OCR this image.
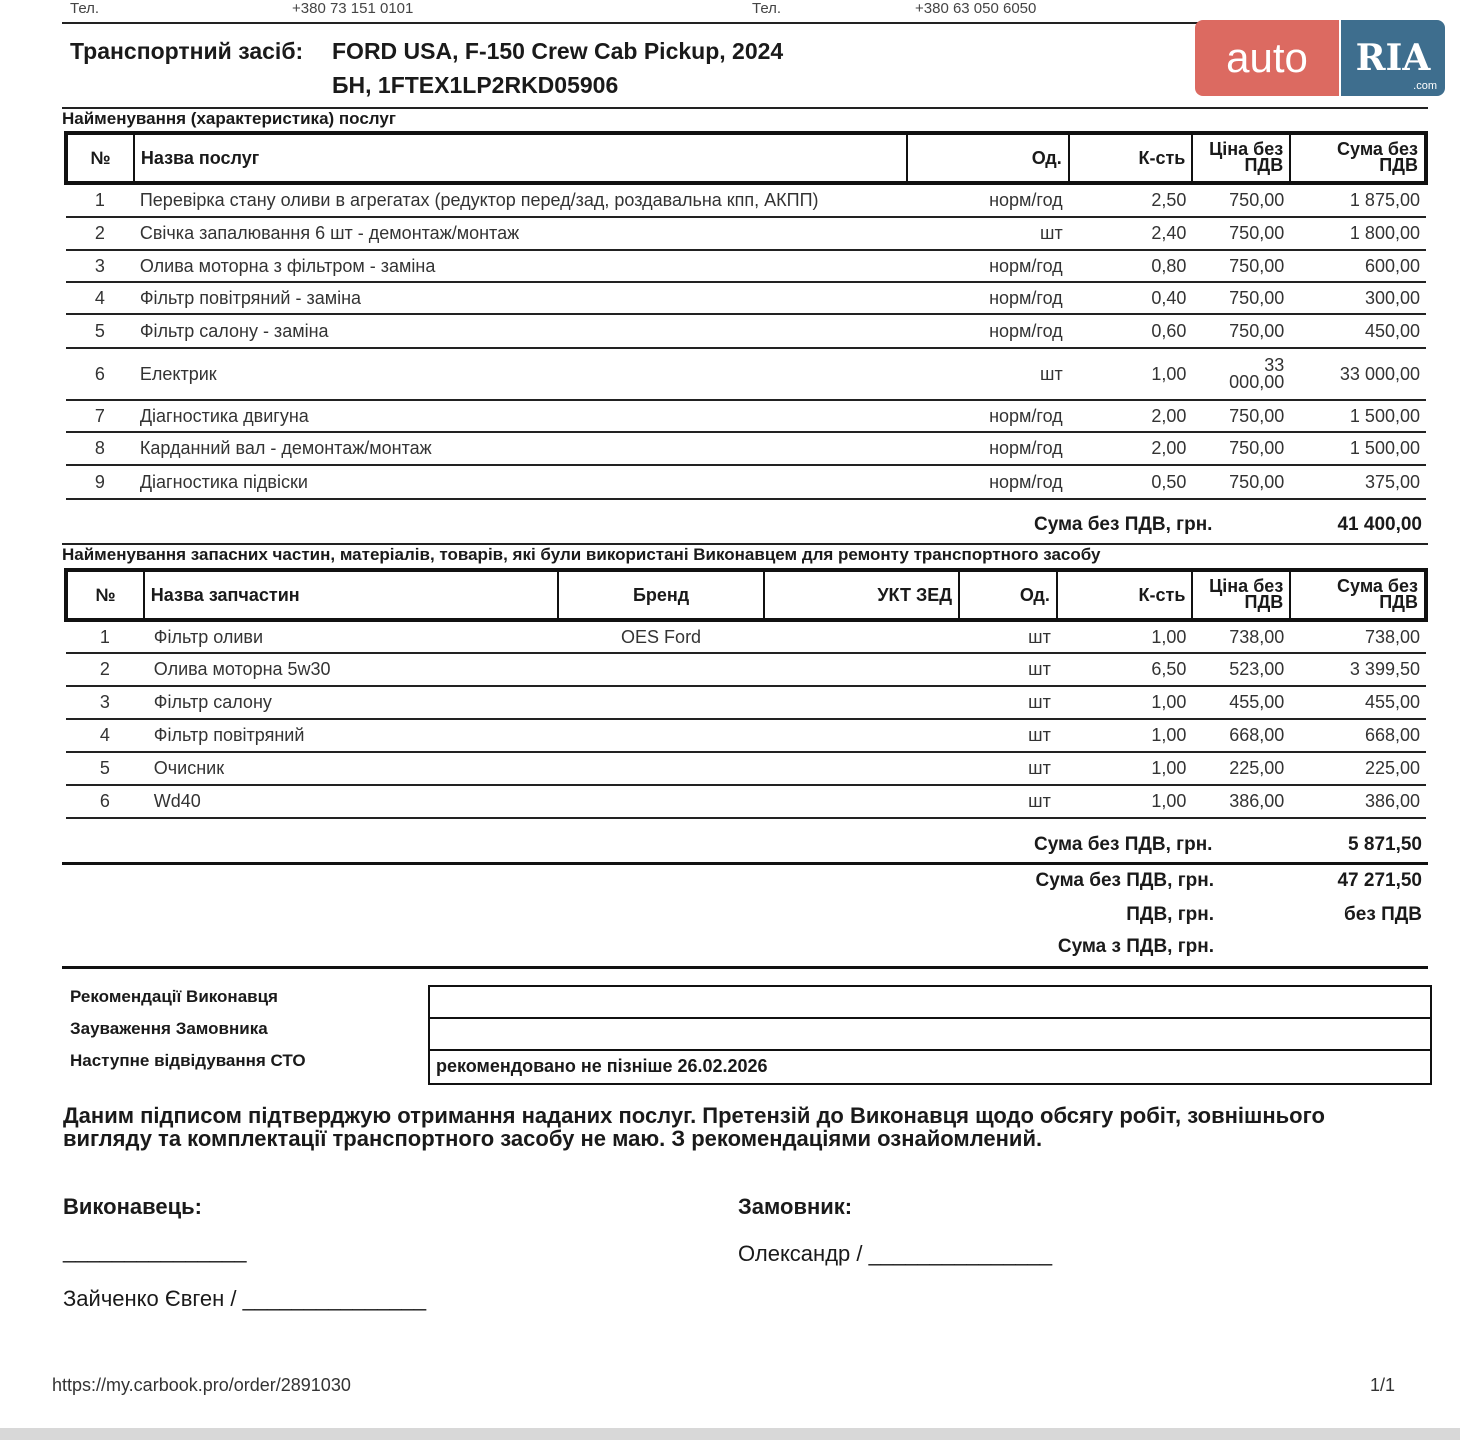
Тел.	+380 73 151 0101	Тел.	+380 63 050 6050
Транспортний засіб: FORD USA, F-150 Crew Cab Pickup, 2024
БН, 1FTEX1LP2RKD05906
auto	RIA
.com
Найменування (характеристика) послуг
№	Назва послуг	Од.	К-сть	Ціна без ПДВ	Сума без ПДВ
1	Перевірка стану оливи в агрегатах (редуктор перед/зад, роздавальна кпп, АКПП)	норм/год	2,50	750,00	1 875,00
2	Свічка запалювання 6 шт - демонтаж/монтаж	шт	2,40	750,00	1 800,00
3	Олива моторна з фільтром - заміна	норм/год	0,80	750,00	600,00
4	Фільтр повітряний - заміна	норм/год	0,40	750,00	300,00
5	Фільтр салону - заміна	норм/год	0,60	750,00	450,00
6	Електрик	шт	1,00	33 000,00	33 000,00
7	Діагностика двигуна	норм/год	2,00	750,00	1 500,00
8	Карданний вал - демонтаж/монтаж	норм/год	2,00	750,00	1 500,00
9	Діагностика підвіски	норм/год	0,50	750,00	375,00
Сума без ПДВ, грн.	41 400,00
Найменування запасних частин, матеріалів, товарів, які були використані Виконавцем для ремонту транспортного засобу
№	Назва запчастин	Бренд	УКТ ЗЕД	Од.	К-сть	Ціна без ПДВ	Сума без ПДВ
1	Фільтр оливи	OES Ford		шт	1,00	738,00	738,00
2	Олива моторна 5w30			шт	6,50	523,00	3 399,50
3	Фільтр салону			шт	1,00	455,00	455,00
4	Фільтр повітряний			шт	1,00	668,00	668,00
5	Очисник			шт	1,00	225,00	225,00
6	Wd40			шт	1,00	386,00	386,00
Сума без ПДВ, грн.	5 871,50
Сума без ПДВ, грн.	47 271,50
ПДВ, грн.	без ПДВ
Сума з ПДВ, грн.
Рекомендації Виконавця
Зауваження Замовника
Наступне відвідування СТО	рекомендовано не пізніше 26.02.2026
Даним підписом підтверджую отримання наданих послуг. Претензій до Виконавця щодо обсягу робіт, зовнішнього вигляду та комплектації транспортного засобу не маю. З рекомендаціями ознайомлений.
Виконавець:
_______________
Зайченко Євген / _______________
Замовник:
Олександр / _______________
https://my.carbook.pro/order/2891030	1/1
